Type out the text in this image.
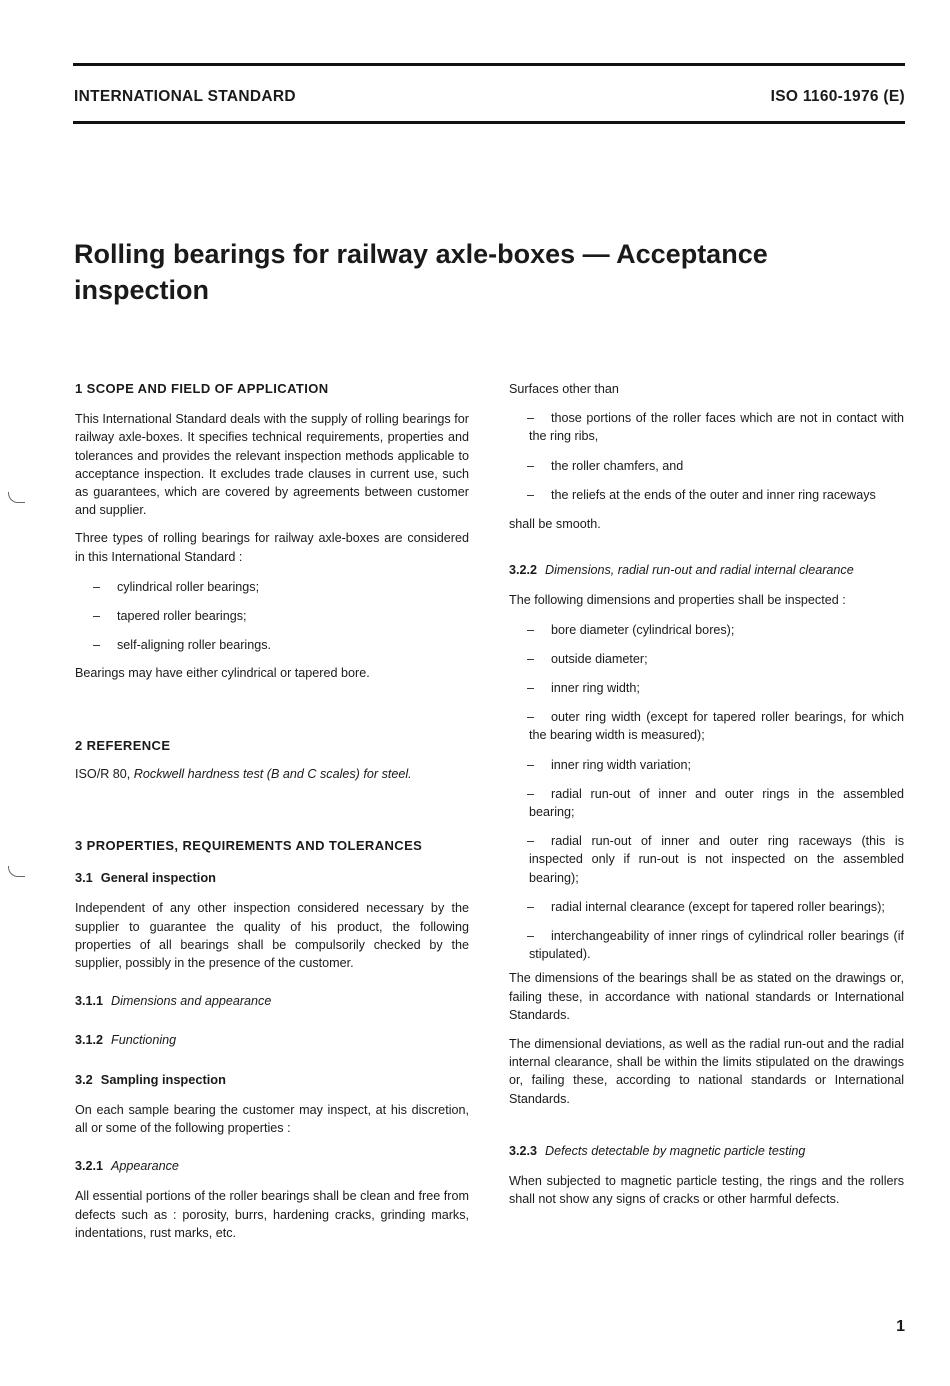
INTERNATIONAL STANDARD	ISO 1160-1976 (E)
Rolling bearings for railway axle-boxes — Acceptance inspection

1 SCOPE AND FIELD OF APPLICATION

This International Standard deals with the supply of rolling bearings for railway axle-boxes. It specifies technical requirements, properties and tolerances and provides the relevant inspection methods applicable to acceptance inspection. It excludes trade clauses in current use, such as guarantees, which are covered by agreements between customer and supplier.

Three types of rolling bearings for railway axle-boxes are considered in this International Standard :

– cylindrical roller bearings;

– tapered roller bearings;

– self-aligning roller bearings.

Bearings may have either cylindrical or tapered bore.

2 REFERENCE

ISO/R 80, Rockwell hardness test (B and C scales) for steel.

3 PROPERTIES, REQUIREMENTS AND TOLERANCES

3.1 General inspection

Independent of any other inspection considered necessary by the supplier to guarantee the quality of his product, the following properties of all bearings shall be compulsorily checked by the supplier, possibly in the presence of the customer.

3.1.1 Dimensions and appearance

3.1.2 Functioning

3.2 Sampling inspection

On each sample bearing the customer may inspect, at his discretion, all or some of the following properties :

3.2.1 Appearance

All essential portions of the roller bearings shall be clean and free from defects such as : porosity, burrs, hardening cracks, grinding marks, indentations, rust marks, etc.

Surfaces other than

– those portions of the roller faces which are not in contact with the ring ribs,

– the roller chamfers, and

– the reliefs at the ends of the outer and inner ring raceways

shall be smooth.

3.2.2 Dimensions, radial run-out and radial internal clearance

The following dimensions and properties shall be inspected :

– bore diameter (cylindrical bores);

– outside diameter;

– inner ring width;

– outer ring width (except for tapered roller bearings, for which the bearing width is measured);

– inner ring width variation;

– radial run-out of inner and outer rings in the assembled bearing;

– radial run-out of inner and outer ring raceways (this is inspected only if run-out is not inspected on the assembled bearing);

– radial internal clearance (except for tapered roller bearings);

– interchangeability of inner rings of cylindrical roller bearings (if stipulated).

The dimensions of the bearings shall be as stated on the drawings or, failing these, in accordance with national standards or International Standards.

The dimensional deviations, as well as the radial run-out and the radial internal clearance, shall be within the limits stipulated on the drawings or, failing these, according to national standards or International Standards.

3.2.3 Defects detectable by magnetic particle testing

When subjected to magnetic particle testing, the rings and the rollers shall not show any signs of cracks or other harmful defects.

1
